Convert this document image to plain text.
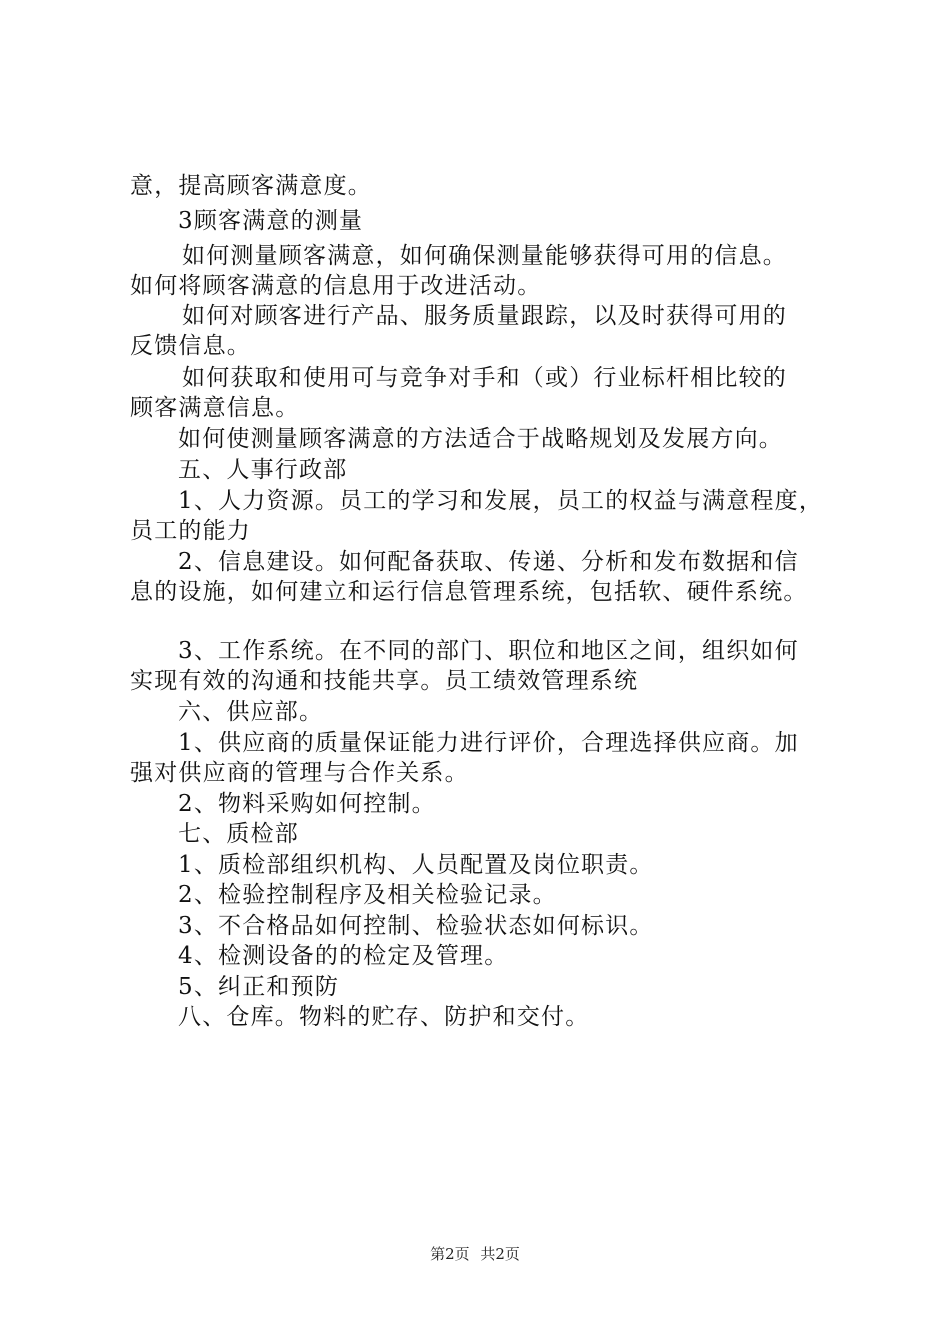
意，提高顾客满意度。
3顾客满意的测量
如何测量顾客满意，如何确保测量能够获得可用的信息。
如何将顾客满意的信息用于改进活动。
如何对顾客进行产品、服务质量跟踪，以及时获得可用的
反馈信息。
如何获取和使用可与竞争对手和（或）行业标杆相比较的
顾客满意信息。
如何使测量顾客满意的方法适合于战略规划及发展方向。
五、人事行政部
1、人力资源。员工的学习和发展，员工的权益与满意程度，
员工的能力
2、信息建设。如何配备获取、传递、分析和发布数据和信
息的设施，如何建立和运行信息管理系统，包括软、硬件系统。
3、工作系统。在不同的部门、职位和地区之间，组织如何
实现有效的沟通和技能共享。员工绩效管理系统
六、供应部。
1、供应商的质量保证能力进行评价，合理选择供应商。加
强对供应商的管理与合作关系。
2、物料采购如何控制。
七、质检部
1、质检部组织机构、人员配置及岗位职责。
2、检验控制程序及相关检验记录。
3、不合格品如何控制、检验状态如何标识。
4、检测设备的的检定及管理。
5、纠正和预防
八、仓库。物料的贮存、防护和交付。
第2页 共2页
